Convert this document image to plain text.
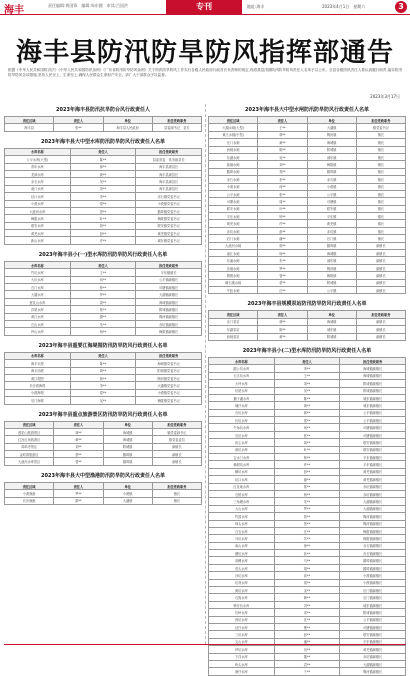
海丰	责任编辑:黄国锋　编辑:周东健　审读:吕国洪	专刊	地址:海丰	2023年4月1日　星期六	3
海丰县防汛防旱防风指挥部通告
根据《中华人民共和国防洪法》《中华人民共和国防汛条例》《广东省防汛防旱防风条例》关于防汛防旱防风工作实行各级人民政府行政首长负责制的规定,现将我县汛期防汛防旱防风责任人名单予以公布。全县各级防汛责任人要认真履行职责,落实防汛防旱防风各项措施,坚持人民至上、生命至上,确保人民群众生命财产安全。请广大干部群众予以监督。
2023年3月17日
2023年海丰县防汛抗旱防台风行政责任人
责任区域	责任人	单位	担任党政职务
海丰县	张**	海丰县人民政府	县委副书记、县长
2023年海丰县大中型水库防汛防旱防风行政责任人名单
水库名称	责任人	担任党政职务
公平水库(大型)	陈**	县委常委、常务副县长
青年水库	林**	海丰县副县长
龙津水库	黄**	海丰县副县长
赤石水库	吴**	海丰县副县长
南门水库	刘**	海丰县副县长
径口水库	李**	赤石镇党委书记
小漠水库	郑**	小漠镇党委书记
大液河水库	蔡**	鹅埠镇党委书记
梅陇水库	叶**	梅陇镇党委书记
联安水库	曾**	联安镇党委书记
黄羌水库	彭**	黄羌镇党委书记
新山水库	许**	城东镇党委书记
2023年海丰县小(一)型水库防汛防旱防风行政责任人名单
水库名称	责任人	担任党政职务
竹坑水库	王**	平东镇镇长
大坑水库	何**	公平镇副镇长
石门水库	钟**	可塘镇副镇长
大湖水库	罗**	大湖镇副镇长
莲花山水库	周**	海城镇副镇长
洋尾水库	郭**	附城镇副镇长
黄江水库	谢**	陶河镇副镇长
石山水库	朱**	赤坑镇副镇长
坪山水库	杨**	梅陇镇副镇长
2023年海丰县重要江海堤围防汛防旱防风行政责任人名单
水库名称	责任人	担任党政职务
海丰东堤	陈**	海城镇党委书记
海丰西堤	黄**	附城镇党委书记
黄江堤围	林**	陶河镇党委书记
长沙湾海堤	李**	大湖镇党委书记
小漠海堤	郑**	小漠镇党委书记
后门海堤	吴**	梅陇镇党委书记
2023年海丰县重点旅游景区防汛防旱防风行政责任人名单
责任区域	责任人	单位	担任党政职务
莲花山旅游景区	林**	海城镇	镇党委副书记
红宫红场旅游区	黄**	海城镇	镇党委委员
鸡鸣寺景区	刘**	附城镇	副镇长
金町湾旅游区	蔡**	鹅埠镇	副镇长
大液河水库景区	曾**	鹅埠镇	副镇长
2023年海丰县大中型渔港防汛防旱防风行政责任人名单
责任区域	责任人	单位	担任党政职务
小漠渔港	罗**	小漠镇	镇长
长沙渔港	陈**	大湖镇	镇长
2023年海丰县大中型水闸防汛防旱防风行政责任人名单
责任区域	责任人	单位	担任党政职务
大湖水闸(大型)	王**	大湖镇	镇党委书记
黄江水闸(中型)	林**	陶河镇	镇长
北门水闸	黄**	海城镇	镇长
西闸水闸	陈**	附城镇	镇长
东湖水闸	吴**	城东镇	镇长
新港水闸	刘**	梅陇镇	镇长
鹅埠水闸	郑**	鹅埠镇	镇长
赤石水闸	李**	赤石镇	镇长
小漠水闸	何**	小漠镇	镇长
公平水闸	张**	公平镇	镇长
可塘水闸	周**	可塘镇	镇长
联安水闸	叶**	联安镇	镇长
平东水闸	钟**	平东镇	镇长
黄羌水闸	许**	黄羌镇	镇长
赤坑水闸	彭**	赤坑镇	镇长
后门水闸	谢**	后门镇	镇长
大液河水闸	郭**	鹅埠镇	副镇长
丽江水闸	杨**	海城镇	副镇长
东溪水闸	朱**	城东镇	副镇长
沙港水闸	罗**	陶河镇	副镇长
圆墩水闸	曾**	梅陇镇	副镇长
碣石溪水闸	蔡**	附城镇	副镇长
牛肚水闸	庄**	公平镇	副镇长
2023年海丰县规模泵站防汛防旱防风行政责任人名单
责任区域	责任人	单位	担任党政职务
北门泵站	林**	海城镇	副镇长
东湖泵站	陈**	城东镇	副镇长
西闸泵站	黄**	附城镇	副镇长
2023年海丰县小(二)型水库防汛防旱防风行政责任人名单
水库名称	责任人	担任党政职务
鹅公坑水库	李**	海城镇副镇长
石古坑水库	王**	海城镇副镇长
大坪水库	刘**	附城镇副镇长
坑尾水库	吴**	附城镇副镇长
狮子湖水库	陈**	城东镇副镇长
埔仔水库	黄**	城东镇副镇长
石坑水库	林**	公平镇副镇长
长坑水库	郑**	公平镇副镇长
牛角坑水库	何**	可塘镇副镇长
后坑水库	张**	可塘镇副镇长
田心水库	周**	联安镇副镇长
深坑水库	叶**	联安镇副镇长
吉水门水库	钟**	平东镇副镇长
樟树坑水库	许**	平东镇副镇长
横坑水库	彭**	黄羌镇副镇长
坑口水库	谢**	黄羌镇副镇长
红花地水库	郭**	赤坑镇副镇长
石桥水库	杨**	赤坑镇副镇长
三角塘水库	朱**	大湖镇副镇长
大山水库	罗**	大湖镇副镇长
竹园水库	曾**	陶河镇副镇长
圳头水库	蔡**	陶河镇副镇长
白石水库	庄**	梅陇镇副镇长
马坑水库	苏**	梅陇镇副镇长
南山水库	徐**	赤石镇副镇长
塘坑水库	孙**	赤石镇副镇长
高螺水库	马**	鹅埠镇副镇长
虎头水库	胡**	鹅埠镇副镇长
沙坑水库	高**	小漠镇副镇长
坑背水库	梁**	小漠镇副镇长
黄坑水库	宋**	后门镇副镇长
石狗水库	韩**	后门镇副镇长
鸭仔坑水库	冯**	城东镇副镇长
长岭水库	邓**	附城镇副镇长
西坑水库	沈**	公平镇副镇长
径仔水库	曹**	可塘镇副镇长
三坑水库	彭**	联安镇副镇长
尖山水库	潘**	平东镇副镇长
坪坑水库	田**	黄羌镇副镇长
下洋水库	董**	赤坑镇副镇长
岭头水库	袁**	大湖镇副镇长
寮仔水库	于**	陶河镇副镇长
